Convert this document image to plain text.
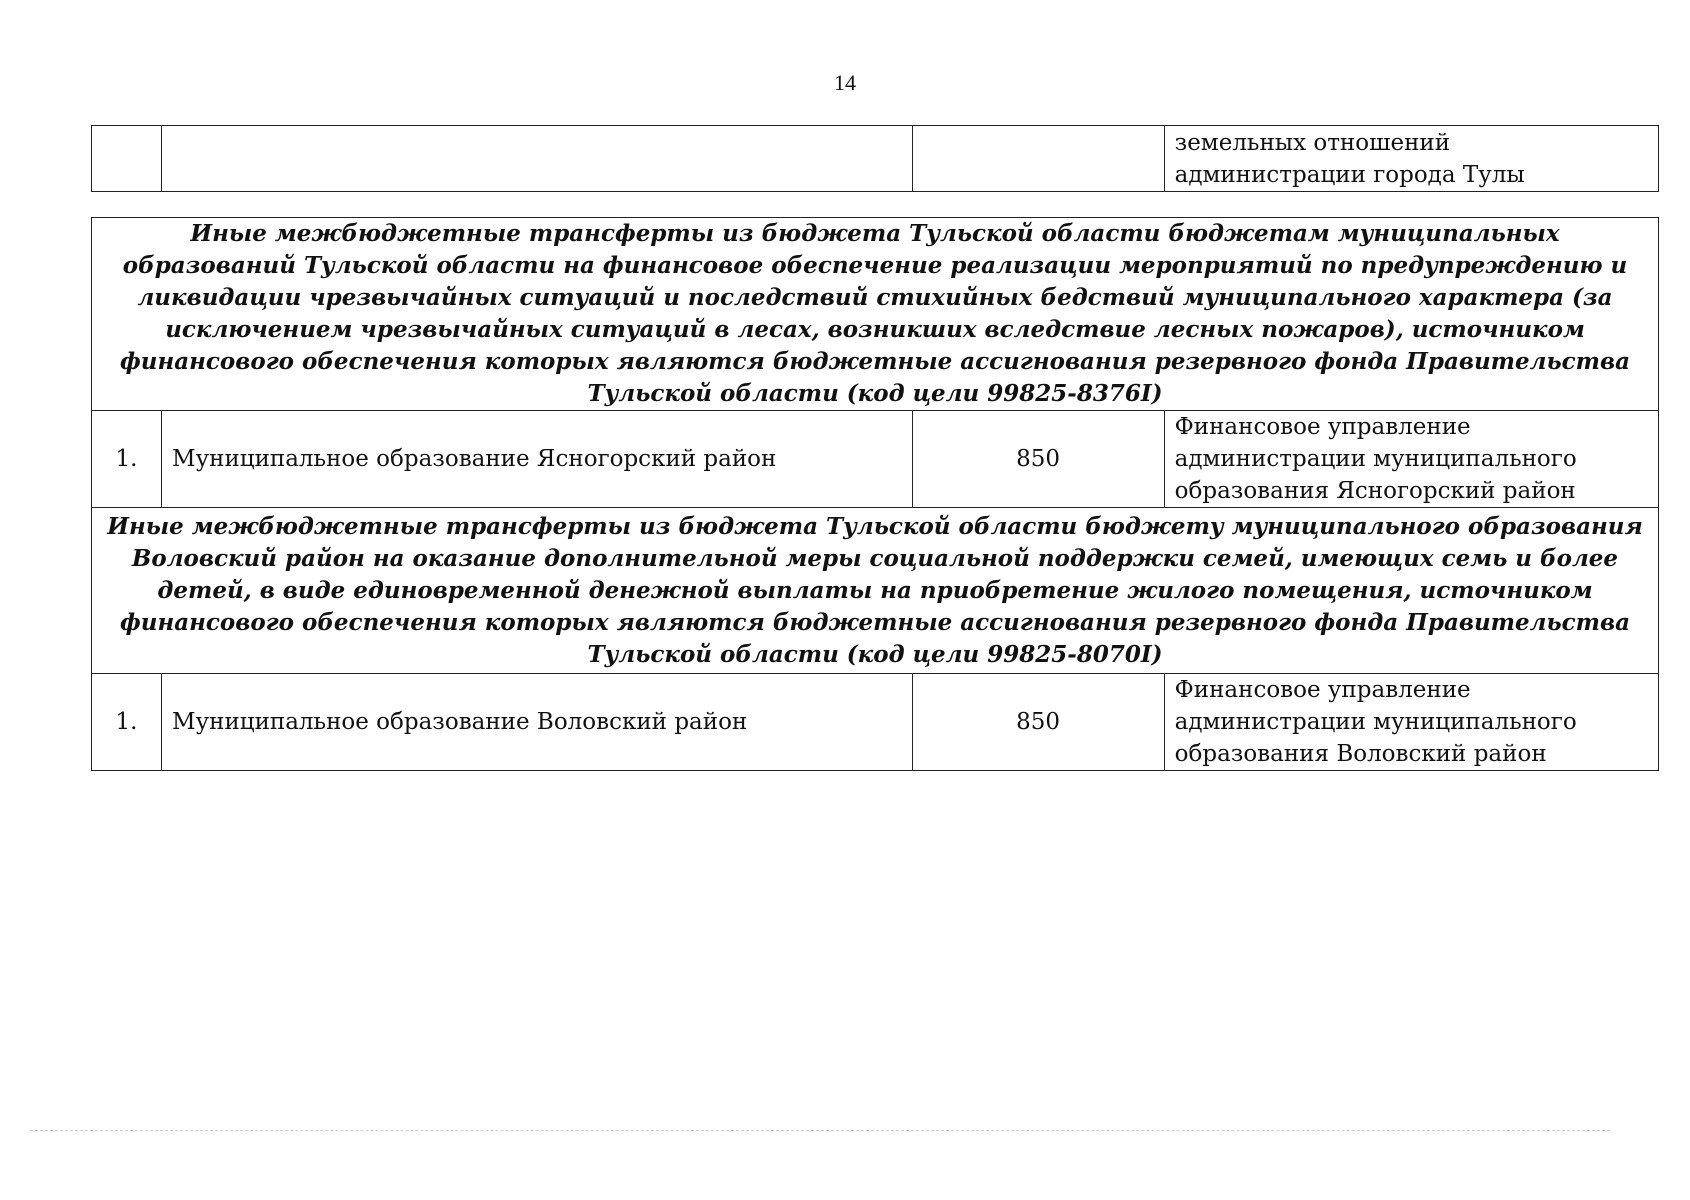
14
			земельных отношений администрации города Тулы
Иные межбюджетные трансферты из бюджета Тульской области бюджетам муниципальных образований Тульской области на финансовое обеспечение реализации мероприятий по предупреждению и ликвидации чрезвычайных ситуаций и последствий стихийных бедствий муниципального характера (за исключением чрезвычайных ситуаций в лесах, возникших вследствие лесных пожаров), источником финансового обеспечения которых являются бюджетные ассигнования резервного фонда Правительства Тульской области (код цели 99825-8376I)
1.	Муниципальное образование Ясногорский район	850	Финансовое управление администрации муниципального образования Ясногорский район
Иные межбюджетные трансферты из бюджета Тульской области бюджету муниципального образования Воловский район на оказание дополнительной меры социальной поддержки семей, имеющих семь и более детей, в виде единовременной денежной выплаты на приобретение жилого помещения, источником финансового обеспечения которых являются бюджетные ассигнования резервного фонда Правительства Тульской области (код цели 99825-8070I)
1.	Муниципальное образование Воловский район	850	Финансовое управление администрации муниципального образования Воловский район
